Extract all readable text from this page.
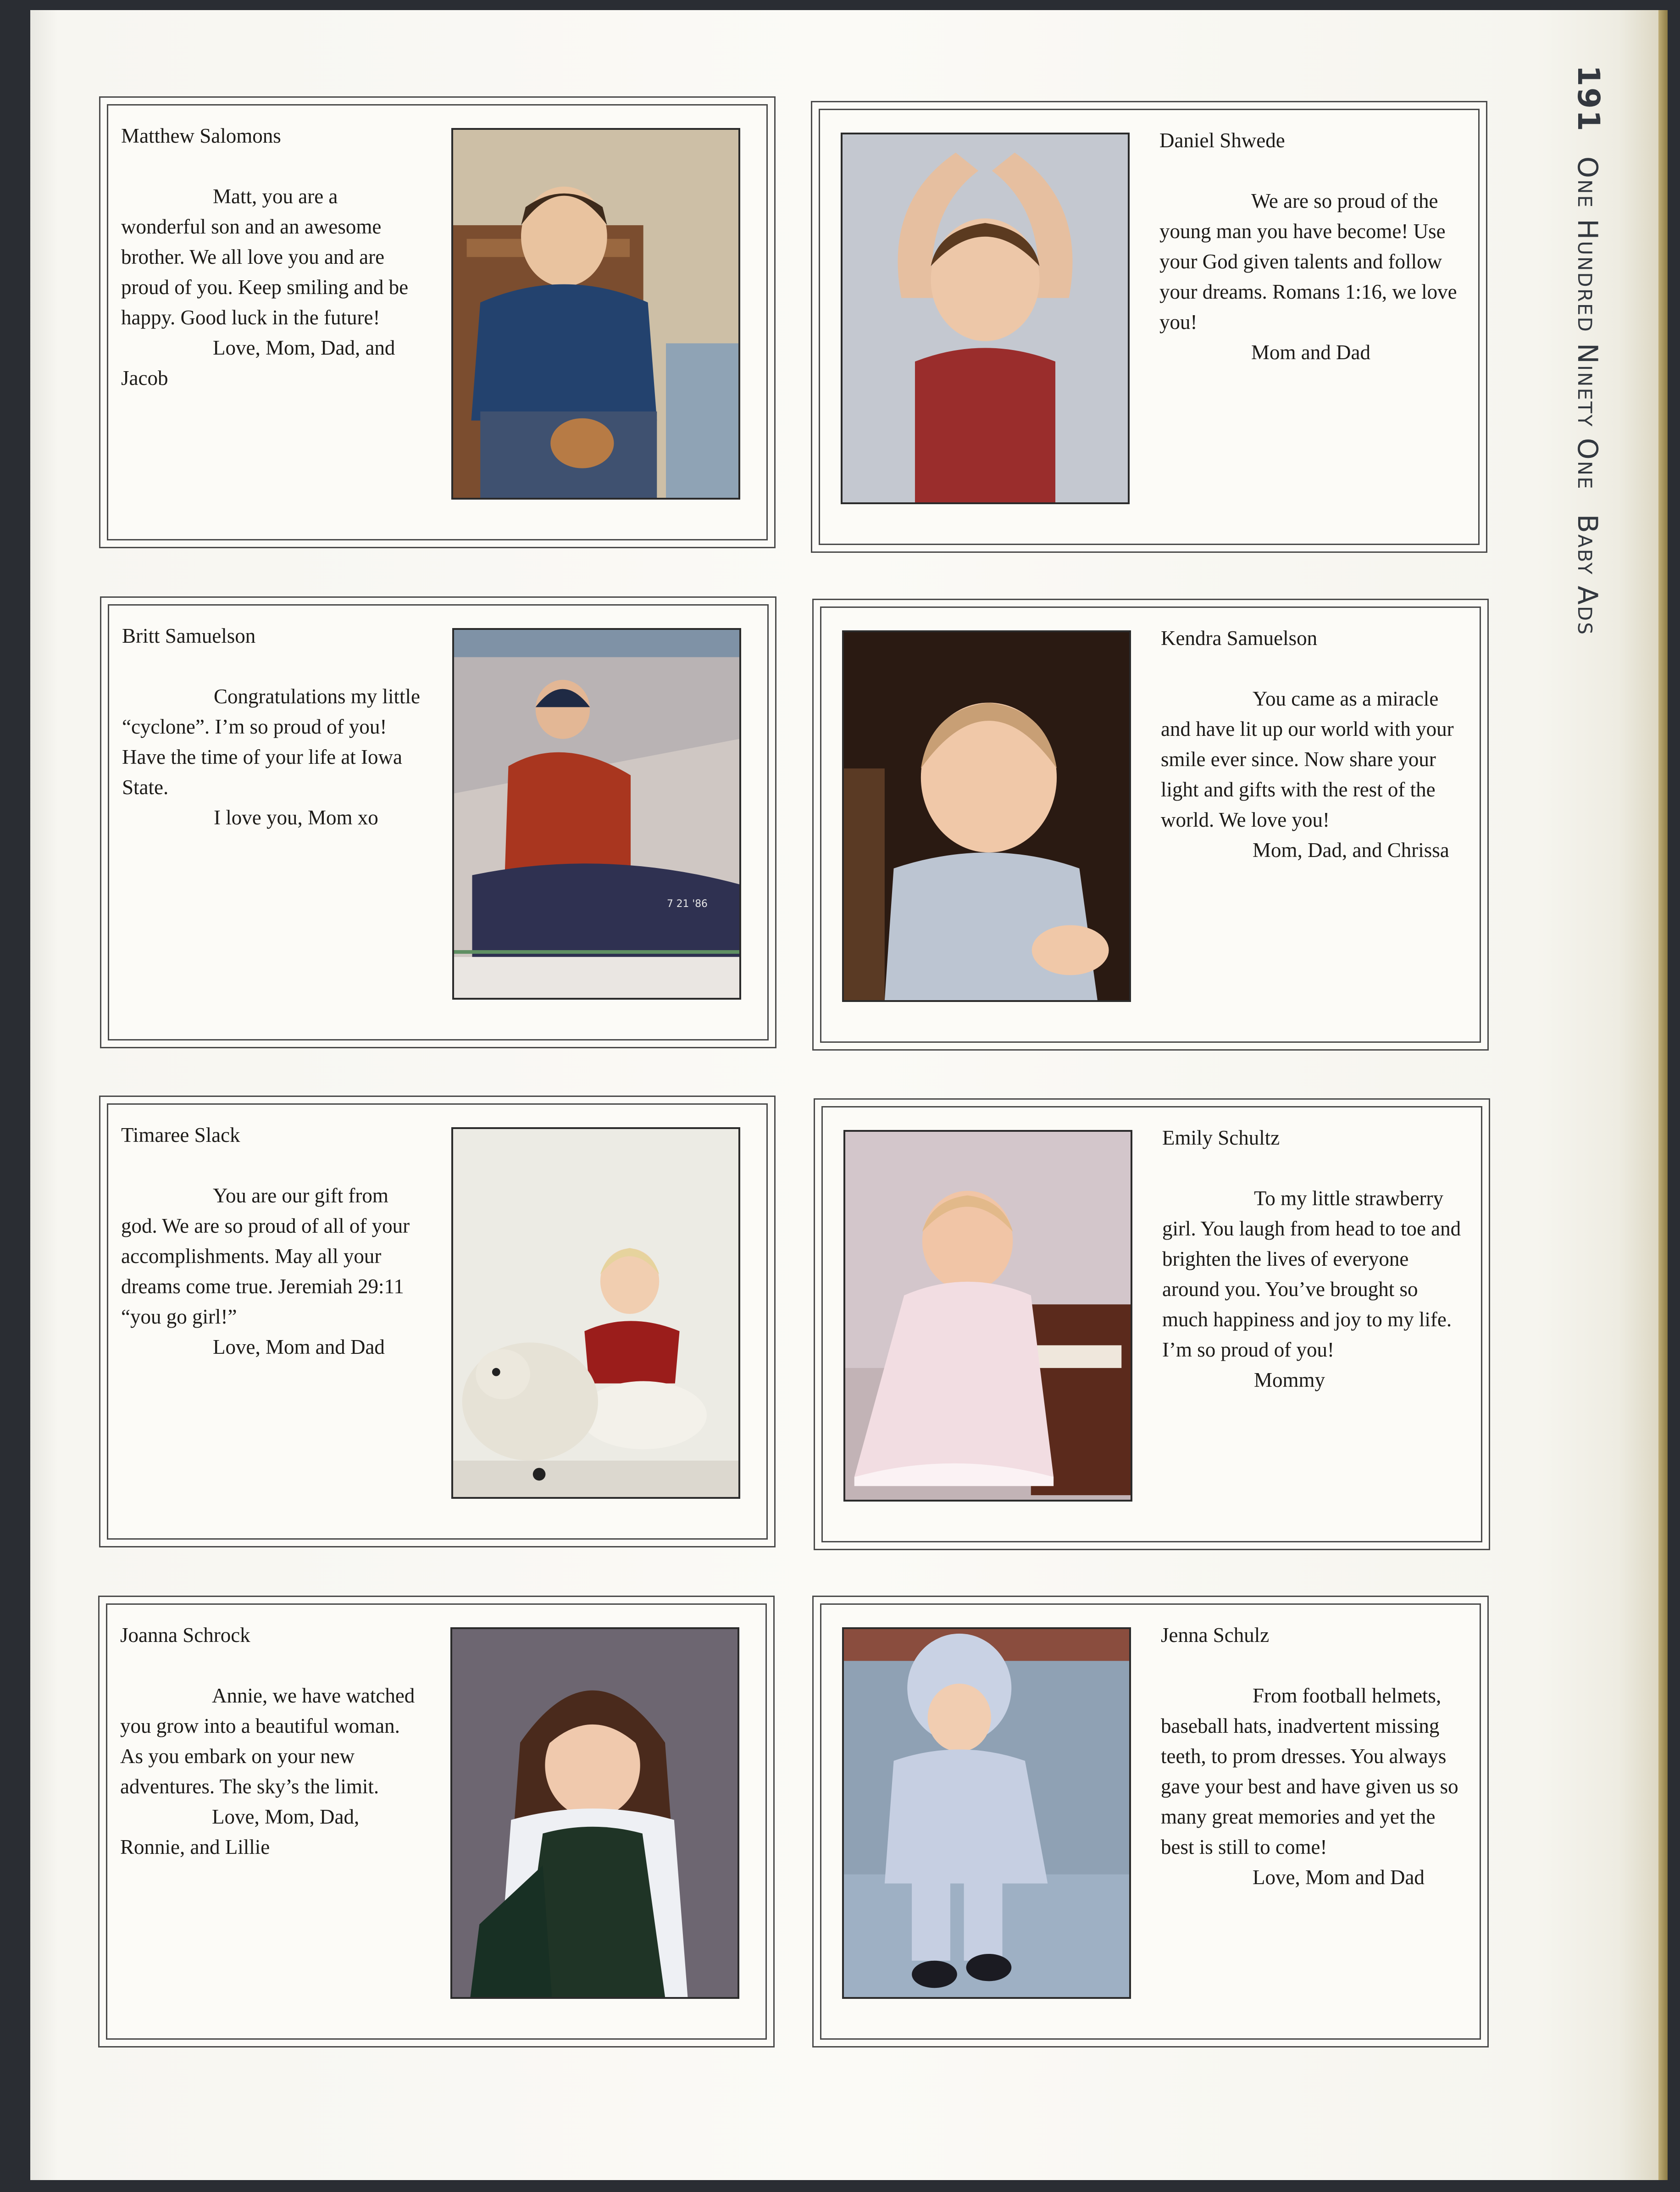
191 One Hundred Ninety One Baby Ads
Matthew Salomons
Matt, you are a wonderful son and an awesome brother. We all love you and are proud of you. Keep smiling and be happy. Good luck in the future!
Love, Mom, Dad, and Jacob
Daniel Shwede
We are so proud of the young man you have become! Use your God given talents and follow your dreams. Romans 1:16, we love you!
Mom and Dad
Britt Samuelson
Congratulations my little “cyclone”. I’m so proud of you! Have the time of your life at Iowa State.
I love you, Mom xo
7 21 '86
Kendra Samuelson
You came as a miracle and have lit up our world with your smile ever since. Now share your light and gifts with the rest of the world. We love you!
Mom, Dad, and Chrissa
Timaree Slack
You are our gift from god. We are so proud of all of your accomplishments. May all your dreams come true. Jeremiah 29:11 “you go girl!”
Love, Mom and Dad
Emily Schultz
To my little strawberry girl. You laugh from head to toe and brighten the lives of everyone around you. You’ve brought so much happiness and joy to my life. I’m so proud of you!
Mommy
Joanna Schrock
Annie, we have watched you grow into a beautiful woman. As you embark on your new adventures. The sky’s the limit.
Love, Mom, Dad, Ronnie, and Lillie
Jenna Schulz
From football helmets, baseball hats, inadvertent missing teeth, to prom dresses. You always gave your best and have given us so many great memories and yet the best is still to come!
Love, Mom and Dad
